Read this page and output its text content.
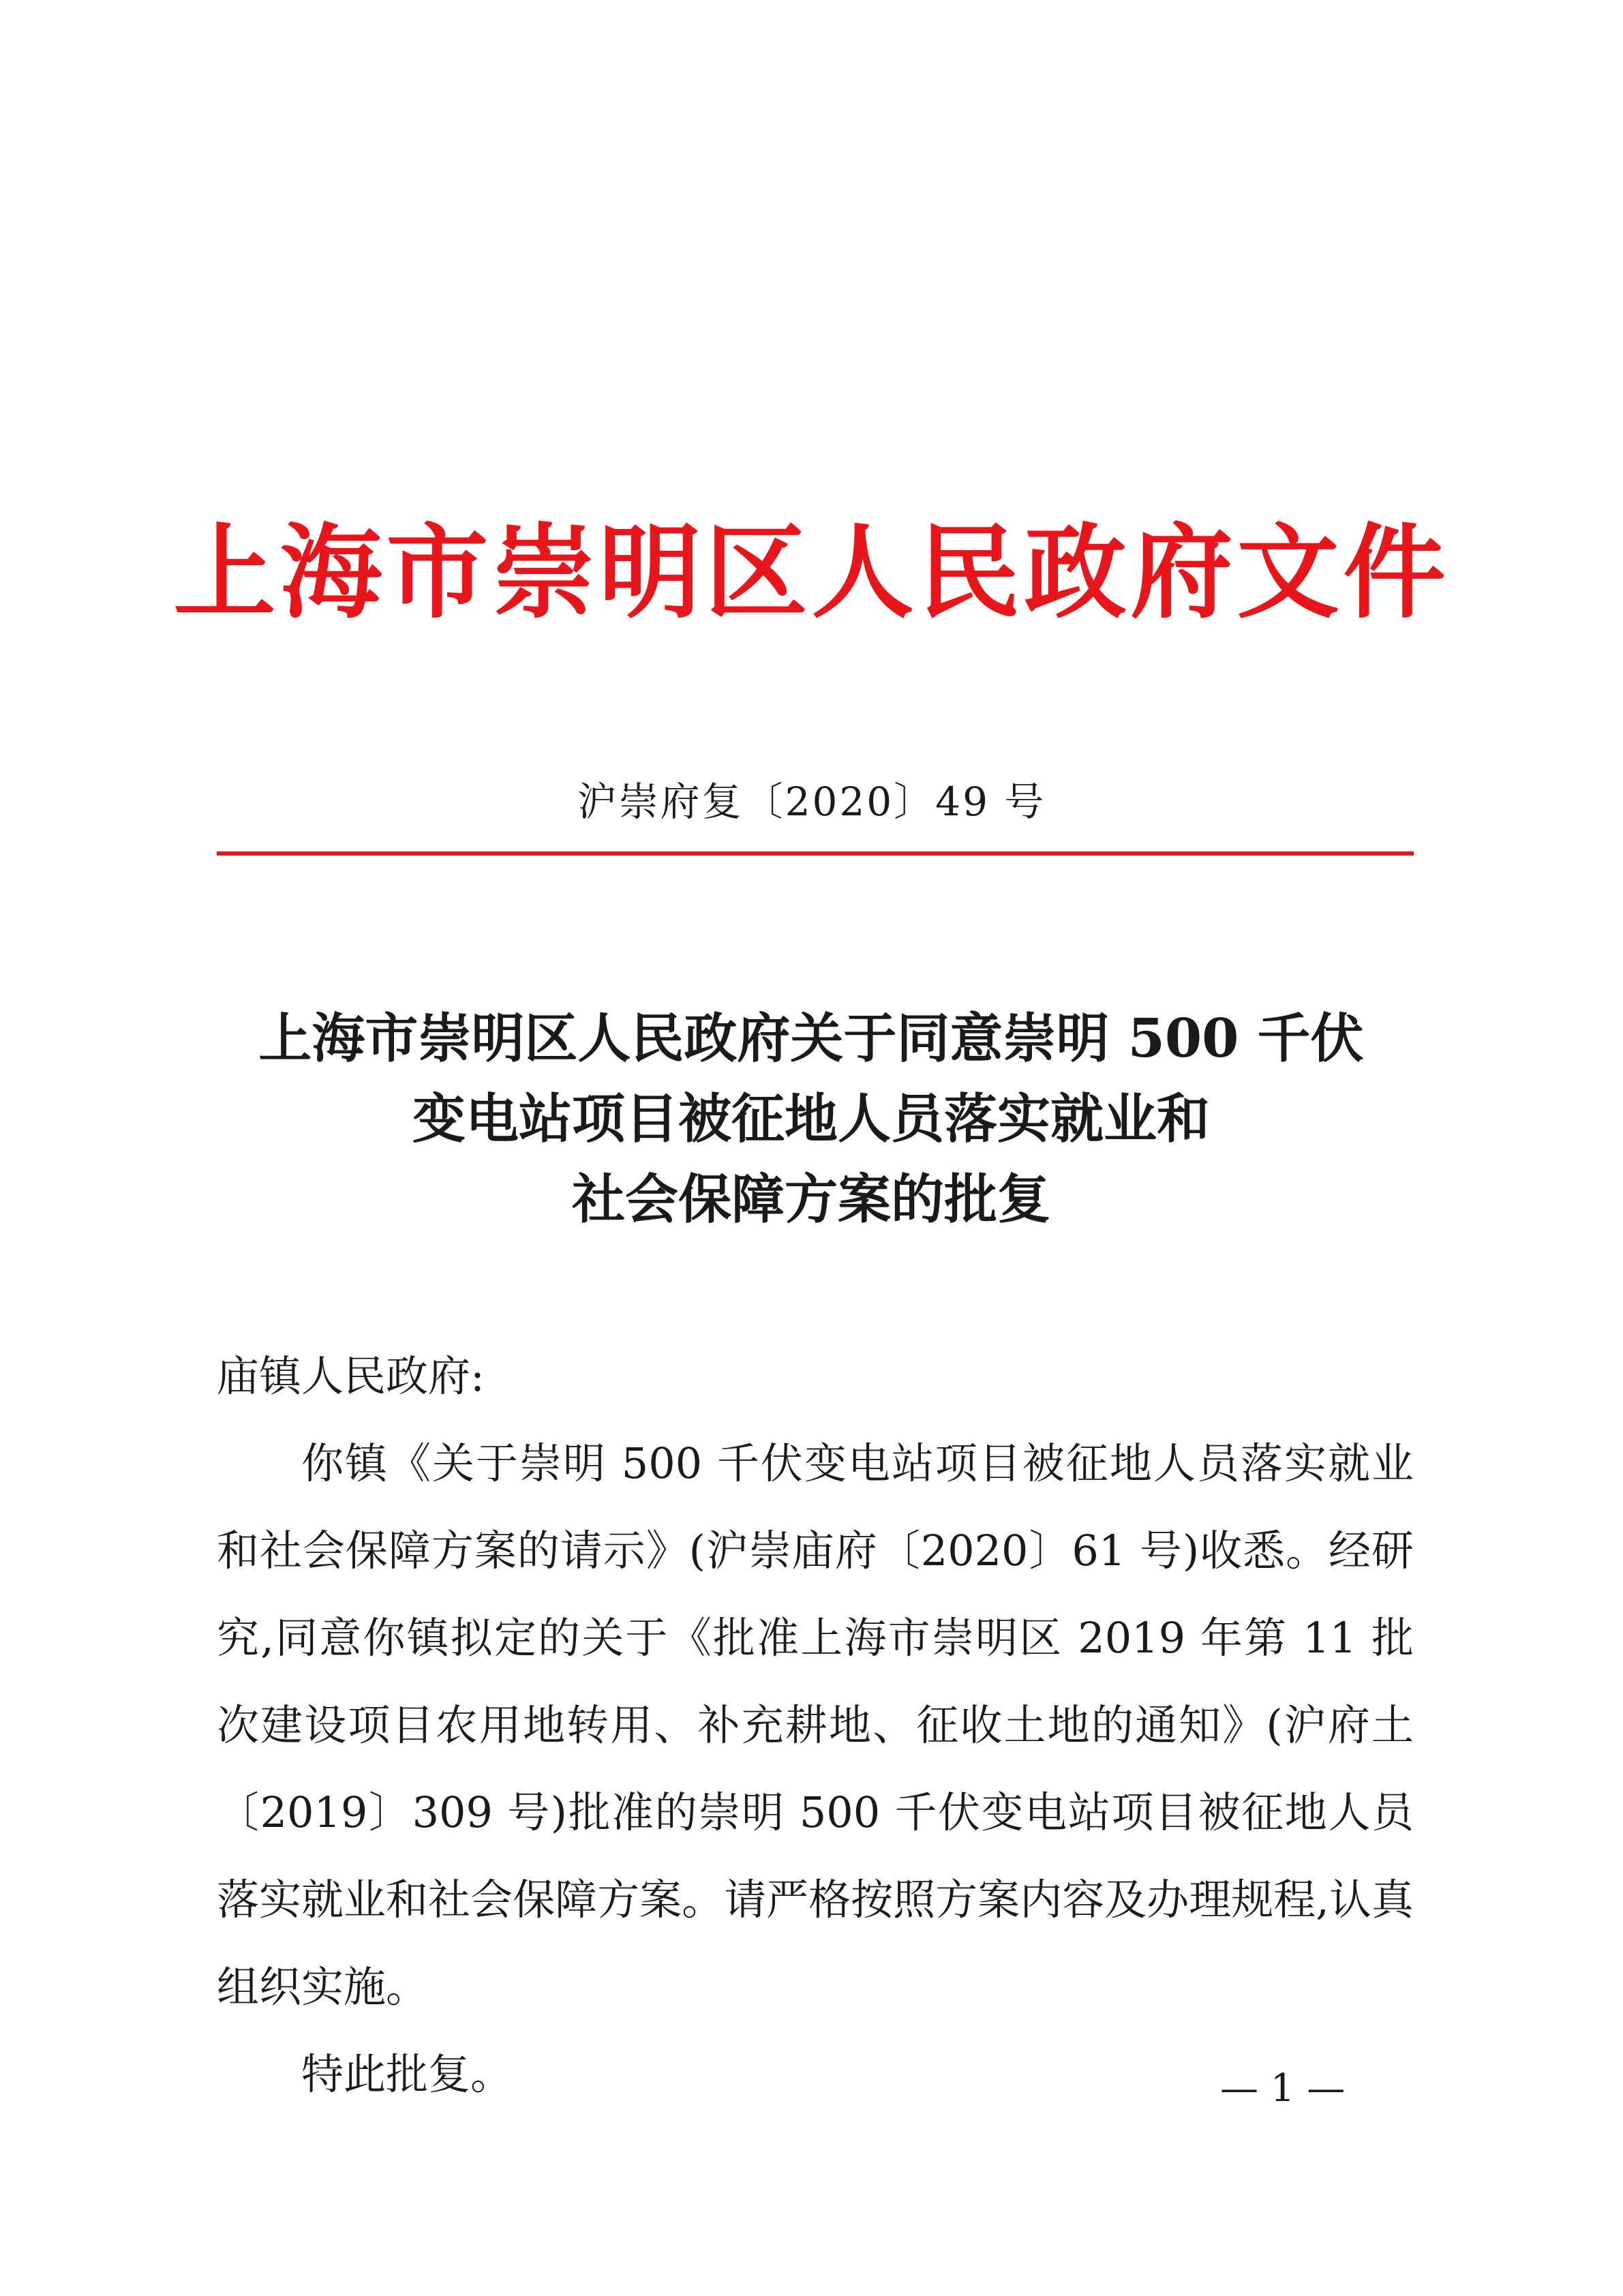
上海市崇明区人民政府文件
沪崇府复〔2020〕49 号
上海市崇明区人民政府关于同意崇明 500 千伏
变电站项目被征地人员落实就业和
社会保障方案的批复

庙镇人民政府:

你镇《关于崇明 500 千伏变电站项目被征地人员落实就业和社会保障方案的请示》(沪崇庙府〔2020〕61 号)收悉。经研究,同意你镇拟定的关于《批准上海市崇明区 2019 年第 11 批次建设项目农用地转用、补充耕地、征收土地的通知》(沪府土〔2019〕309 号)批准的崇明 500 千伏变电站项目被征地人员落实就业和社会保障方案。请严格按照方案内容及办理规程,认真组织实施。

特此批复。	— 1 —
